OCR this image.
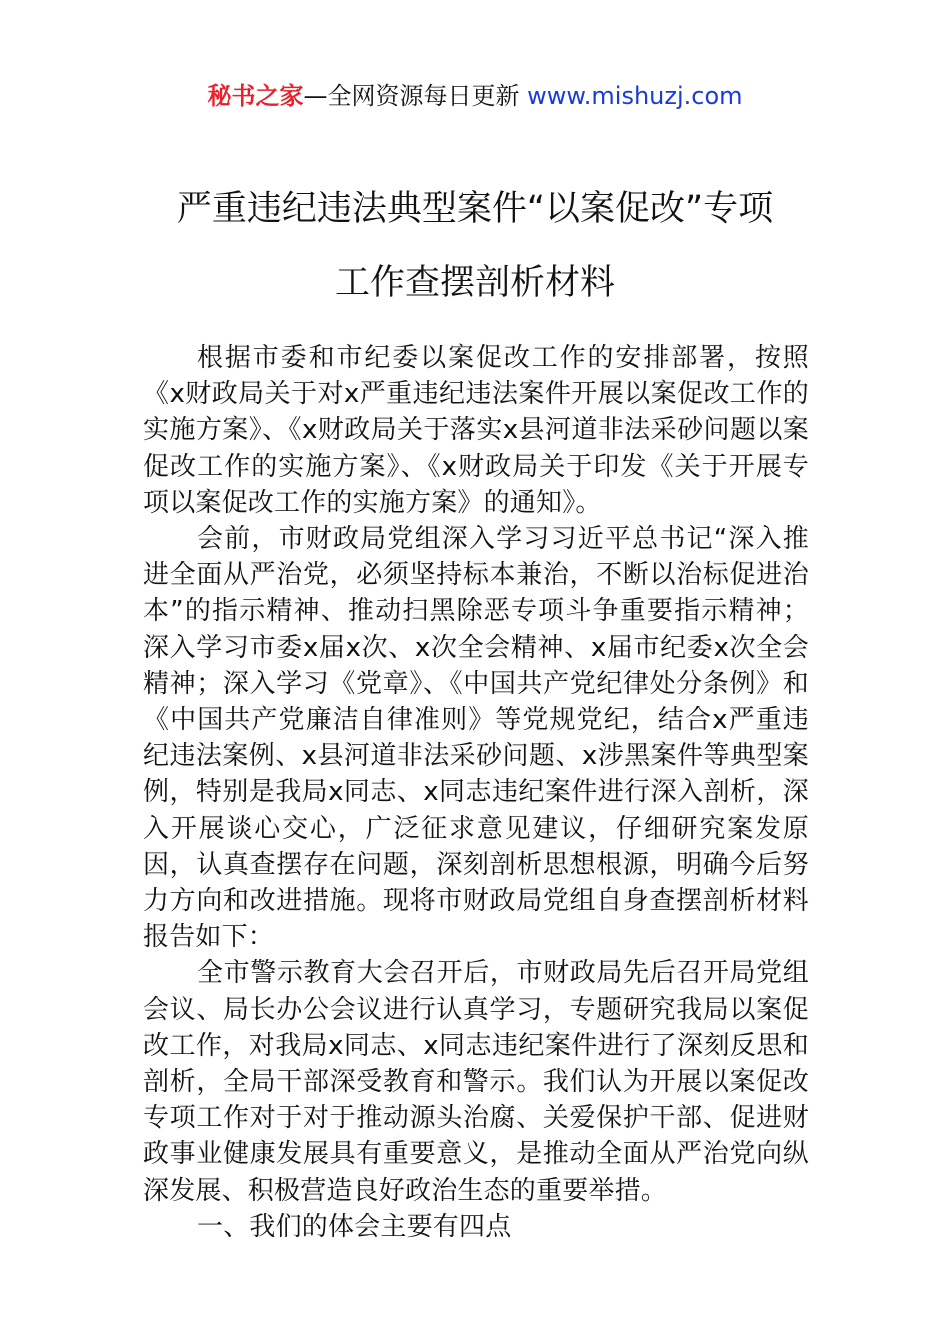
秘书之家—全网资源每日更新 www.mishuzj.com
严重违纪违法典型案件“以案促改”专项
工作查摆剖析材料

根据市委和市纪委以案促改工作的安排部署，按照《x财政局关于对x严重违纪违法案件开展以案促改工作的实施方案》、《x财政局关于落实x县河道非法采砂问题以案促改工作的实施方案》、《x财政局关于印发《关于开展专项以案促改工作的实施方案》的通知》。

会前，市财政局党组深入学习习近平总书记“深入推进全面从严治党，必须坚持标本兼治，不断以治标促进治本”的指示精神、推动扫黑除恶专项斗争重要指示精神；深入学习市委x届x次、x次全会精神、x届市纪委x次全会精神；深入学习《党章》、《中国共产党纪律处分条例》和《中国共产党廉洁自律准则》等党规党纪，结合x严重违纪违法案例、x县河道非法采砂问题、x涉黑案件等典型案例，特别是我局x同志、x同志违纪案件进行深入剖析，深入开展谈心交心，广泛征求意见建议，仔细研究案发原因，认真查摆存在问题，深刻剖析思想根源，明确今后努力方向和改进措施。现将市财政局党组自身查摆剖析材料报告如下：

全市警示教育大会召开后，市财政局先后召开局党组会议、局长办公会议进行认真学习，专题研究我局以案促改工作，对我局x同志、x同志违纪案件进行了深刻反思和剖析，全局干部深受教育和警示。我们认为开展以案促改专项工作对于对于推动源头治腐、关爱保护干部、促进财政事业健康发展具有重要意义，是推动全面从严治党向纵深发展、积极营造良好政治生态的重要举措。

一、我们的体会主要有四点
